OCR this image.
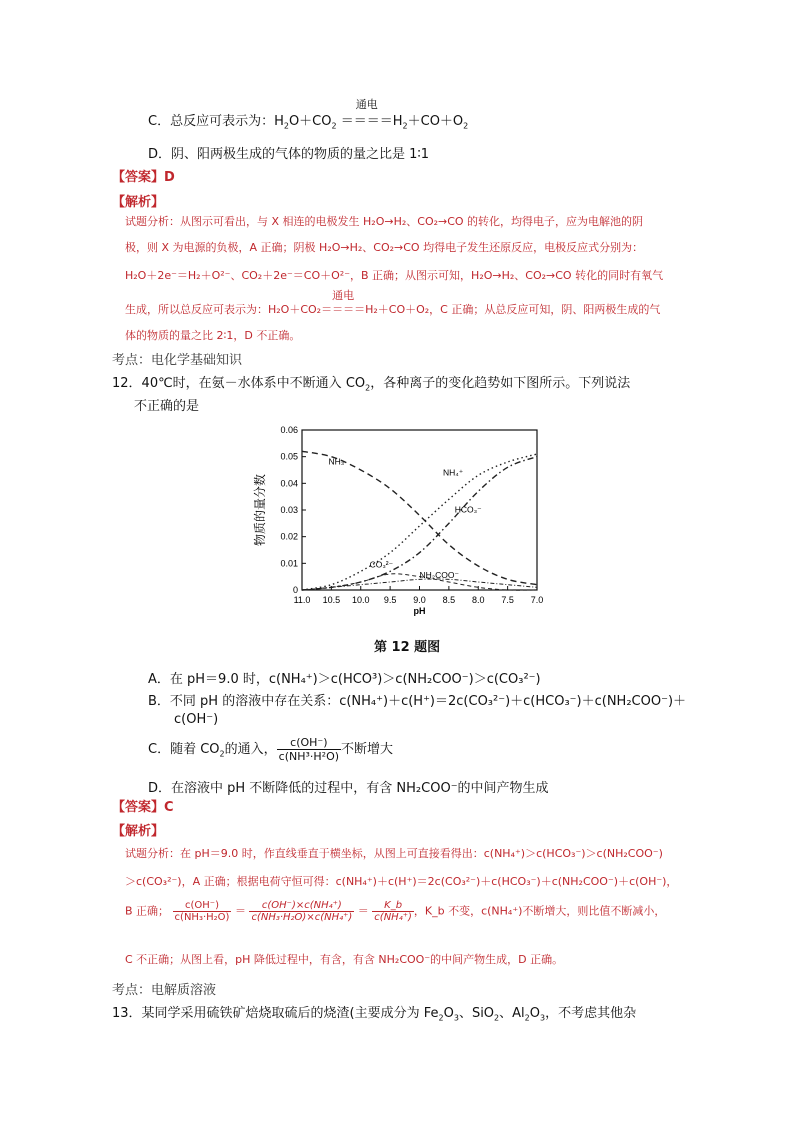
C．总反应可表示为：$H_2O+CO_2$
通电
$====H_2+CO+O_2$
D．阴、阳两极生成的气体的物质的量之比是 1∶1
【答案】D
【解析】
试题分析：从图示可看出，与 X 相连的电极发生 H₂O→H₂、CO₂→CO 的转化，均得电子，应为电解池的阴
极，则 X 为电源的负极，A 正确；阴极 H₂O→H₂、CO₂→CO 均得电子发生还原反应，电极反应式分别为：
H₂O＋2e⁻＝H₂＋O²⁻、CO₂＋2e⁻＝CO＋O²⁻，B 正确；从图示可知，H₂O→H₂、CO₂→CO 转化的同时有氧气
生成，所以总反应可表示为：H₂O＋CO₂
通电
＝＝＝＝H₂＋CO＋O₂，C 正确；从总反应可知，阴、阳两极生成的气
体的物质的量之比 2∶1，D 不正确。
考点：电化学基础知识
12．40℃时，在氨－水体系中不断通入 $CO_2$，各种离子的变化趋势如下图所示。下列说法
不正确的是
11.0 10.5 10.0 9.5 9.0 8.5 8.0 7.5 7.0
0
0.01
0.02
0.03
0.04
0.05
0.06
pH
物质的量分数
NH₃
NH₄⁺
HCO₃⁻
CO₃²⁻
NH₂COO⁻
第 12 题图
A．在 pH＝9.0 时，c(NH₄⁺)＞c(HCO³)＞c(NH₂COO⁻)＞c(CO₃²⁻)
B．不同 pH 的溶液中存在关系：c(NH₄⁺)＋c(H⁺)＝2c(CO₃²⁻)＋c(HCO₃⁻)＋c(NH₂COO⁻)＋
c(OH⁻)
C．随着 $CO_2$的通入， $\frac{c(OH^-)}{\text{c(NH³·H²O)}}$ 不断增大
D．在溶液中 pH 不断降低的过程中，有含 NH₂COO⁻的中间产物生成
【答案】C
【解析】
试题分析：在 pH＝9.0 时，作直线垂直于横坐标，从图上可直接看得出：c(NH₄⁺)＞c(HCO₃⁻)＞c(NH₂COO⁻)
＞c(CO₃²⁻)，A 正确；根据电荷守恒可得：c(NH₄⁺)＋c(H⁺)＝2c(CO₃²⁻)＋c(HCO₃⁻)＋c(NH₂COO⁻)＋c(OH⁻)，
B 正确； $\frac{c(OH^-)}{\text{c(NH₃·H₂O)}} = \frac{\text{c(OH⁻)×c(NH₄⁺)}}{\text{c(NH₃·H₂O)×c(NH₄⁺)}} = \frac{K\_b}{\text{c(NH₄⁺)}}$ ，K_b 不变，c(NH₄⁺)不断增大，则比值不断减小，
C 不正确；从图上看，pH 降低过程中，有含，有含 NH₂COO⁻的中间产物生成，D 正确。
考点：电解质溶液
13．某同学采用硫铁矿焙烧取硫后的烧渣(主要成分为 $Fe_2O_3$、SiO$_2$、$Al_2O_3$，不考虑其他杂
